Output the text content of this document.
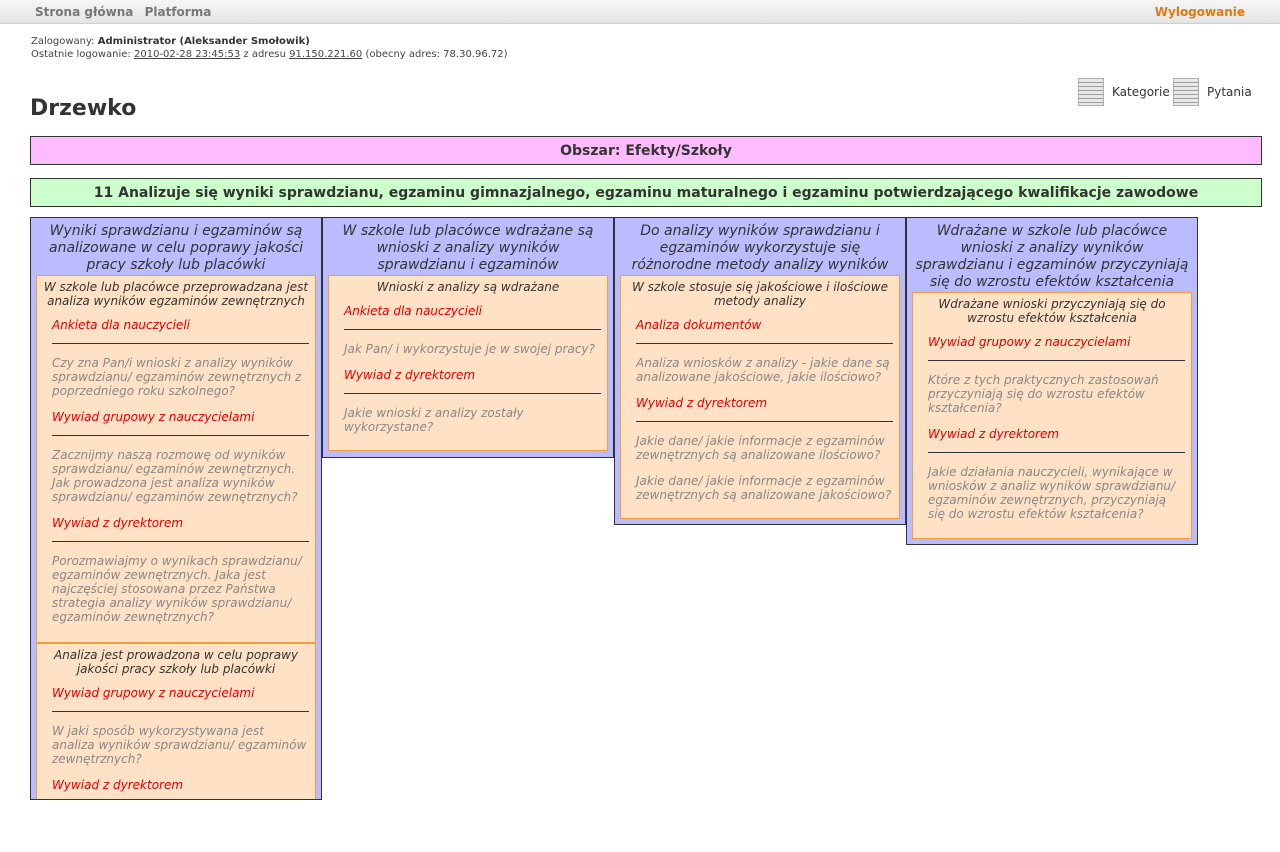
Strona główna Platforma	Wylogowanie
Zalogowany: Administrator (Aleksander Smołowik)
Ostatnie logowanie: 2010-02-28 23:45:53 z adresu 91.150.221.60 (obecny adres: 78.30.96.72)
Kategorie	Pytania
Drzewko
Obszar: Efekty/Szkoły
11 Analizuje się wyniki sprawdzianu, egzaminu gimnazjalnego, egzaminu maturalnego i egzaminu potwierdzającego kwalifikacje zawodowe
Wyniki sprawdzianu i egzaminów są analizowane w celu poprawy jakości pracy szkoły lub placówki
W szkole lub placówce przeprowadzana jest analiza wyników egzaminów zewnętrznych
Ankieta dla nauczycieli
Czy zna Pan/i wnioski z analizy wyników sprawdzianu/ egzaminów zewnętrznych z poprzedniego roku szkolnego?
Wywiad grupowy z nauczycielami
Zacznijmy naszą rozmowę od wyników sprawdzianu/ egzaminów zewnętrznych. Jak prowadzona jest analiza wyników sprawdzianu/ egzaminów zewnętrznych?
Wywiad z dyrektorem
Porozmawiajmy o wynikach sprawdzianu/ egzaminów zewnętrznych. Jaka jest najczęściej stosowana przez Państwa strategia analizy wyników sprawdzianu/ egzaminów zewnętrznych?
Analiza jest prowadzona w celu poprawy jakości pracy szkoły lub placówki
Wywiad grupowy z nauczycielami
W jaki sposób wykorzystywana jest analiza wyników sprawdzianu/ egzaminów zewnętrznych?
Wywiad z dyrektorem
W szkole lub placówce wdrażane są wnioski z analizy wyników sprawdzianu i egzaminów
Wnioski z analizy są wdrażane
Ankieta dla nauczycieli
Jak Pan/ i wykorzystuje je w swojej pracy?
Wywiad z dyrektorem
Jakie wnioski z analizy zostały wykorzystane?
Do analizy wyników sprawdzianu i egzaminów wykorzystuje się różnorodne metody analizy wyników
W szkole stosuje się jakościowe i ilościowe metody analizy
Analiza dokumentów
Analiza wniosków z analizy - jakie dane są analizowane jakościowe, jakie ilościowo?
Wywiad z dyrektorem
Jakie dane/ jakie informacje z egzaminów zewnętrznych są analizowane ilościowo?
Jakie dane/ jakie informacje z egzaminów zewnętrznych są analizowane jakościowo?
Wdrażane w szkole lub placówce wnioski z analizy wyników sprawdzianu i egzaminów przyczyniają się do wzrostu efektów kształcenia
Wdrażane wnioski przyczyniają się do wzrostu efektów kształcenia
Wywiad grupowy z nauczycielami
Które z tych praktycznych zastosowań przyczyniają się do wzrostu efektów kształcenia?
Wywiad z dyrektorem
Jakie działania nauczycieli, wynikające w wniosków z analiz wyników sprawdzianu/ egzaminów zewnętrznych, przyczyniają się do wzrostu efektów kształcenia?
